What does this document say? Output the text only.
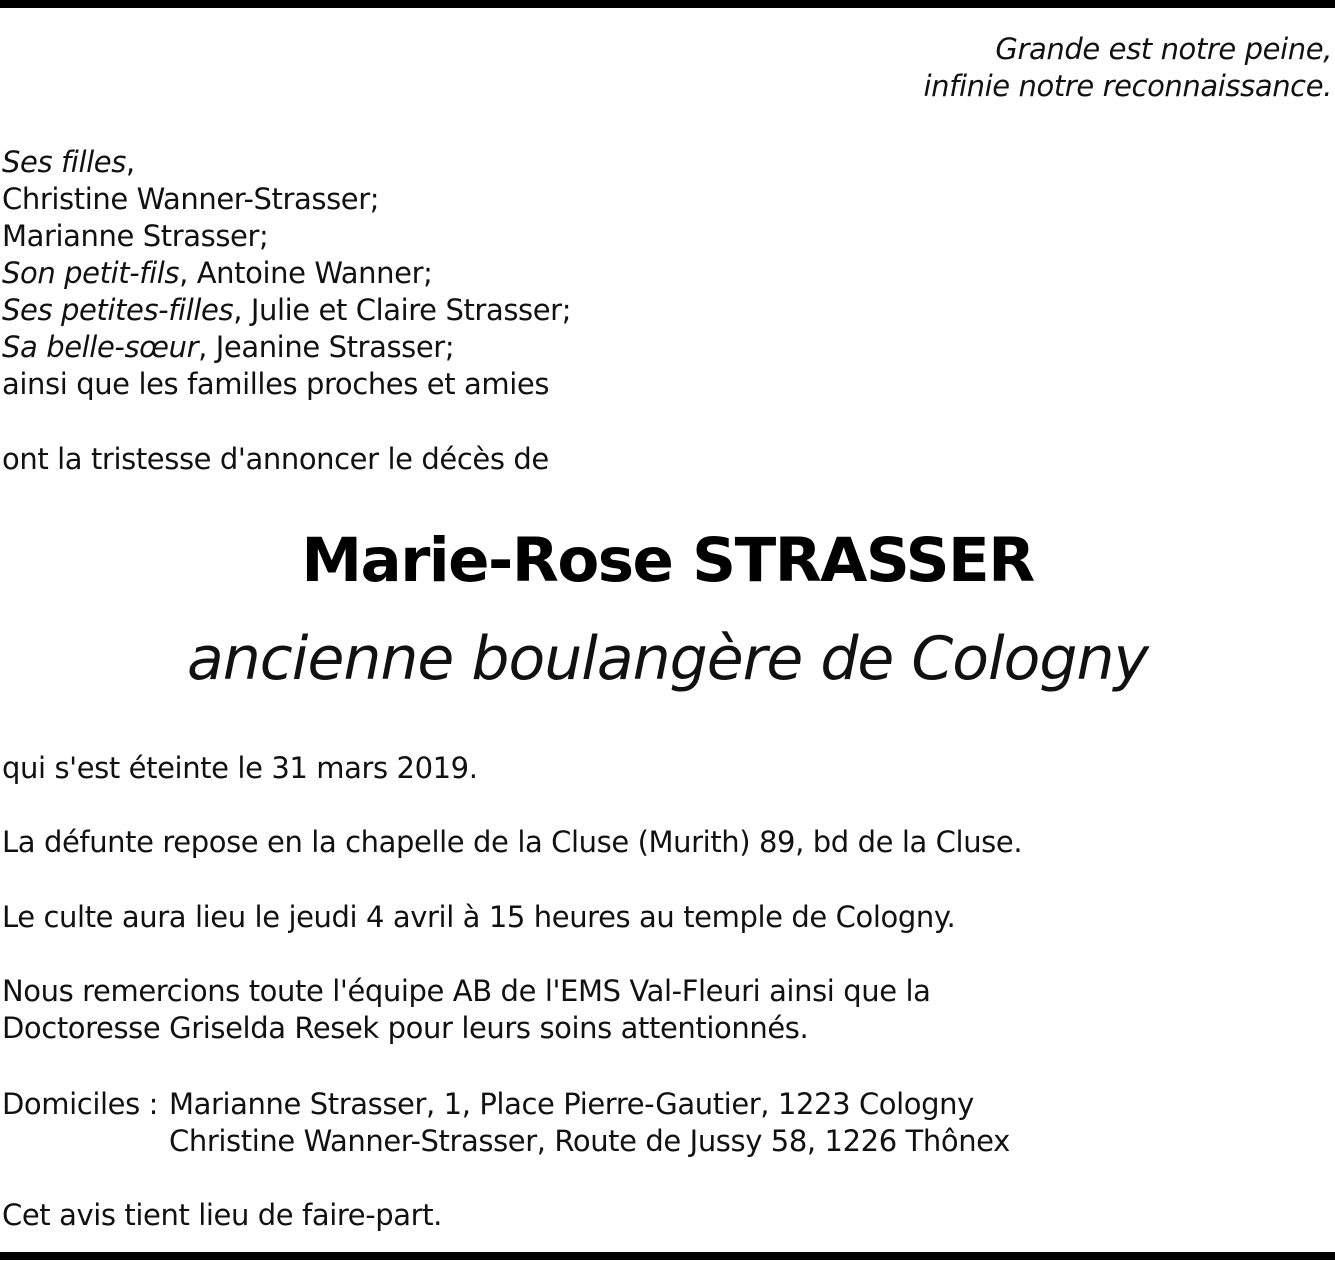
Grande est notre peine,
infinie notre reconnaissance.
Ses filles,
Christine Wanner-Strasser;
Marianne Strasser;
Son petit-fils, Antoine Wanner;
Ses petites-filles, Julie et Claire Strasser;
Sa belle-sœur, Jeanine Strasser;
ainsi que les familles proches et amies
ont la tristesse d'annoncer le décès de
Marie-Rose STRASSER
ancienne boulangère de Cologny
qui s'est éteinte le 31 mars 2019.
La défunte repose en la chapelle de la Cluse (Murith) 89, bd de la Cluse.
Le culte aura lieu le jeudi 4 avril à 15 heures au temple de Cologny.
Nous remercions toute l'équipe AB de l'EMS Val-Fleuri ainsi que la
Doctoresse Griselda Resek pour leurs soins attentionnés.
Domiciles : Marianne Strasser, 1, Place Pierre-Gautier, 1223 Cologny
Christine Wanner-Strasser, Route de Jussy 58, 1226 Thônex
Cet avis tient lieu de faire-part.
